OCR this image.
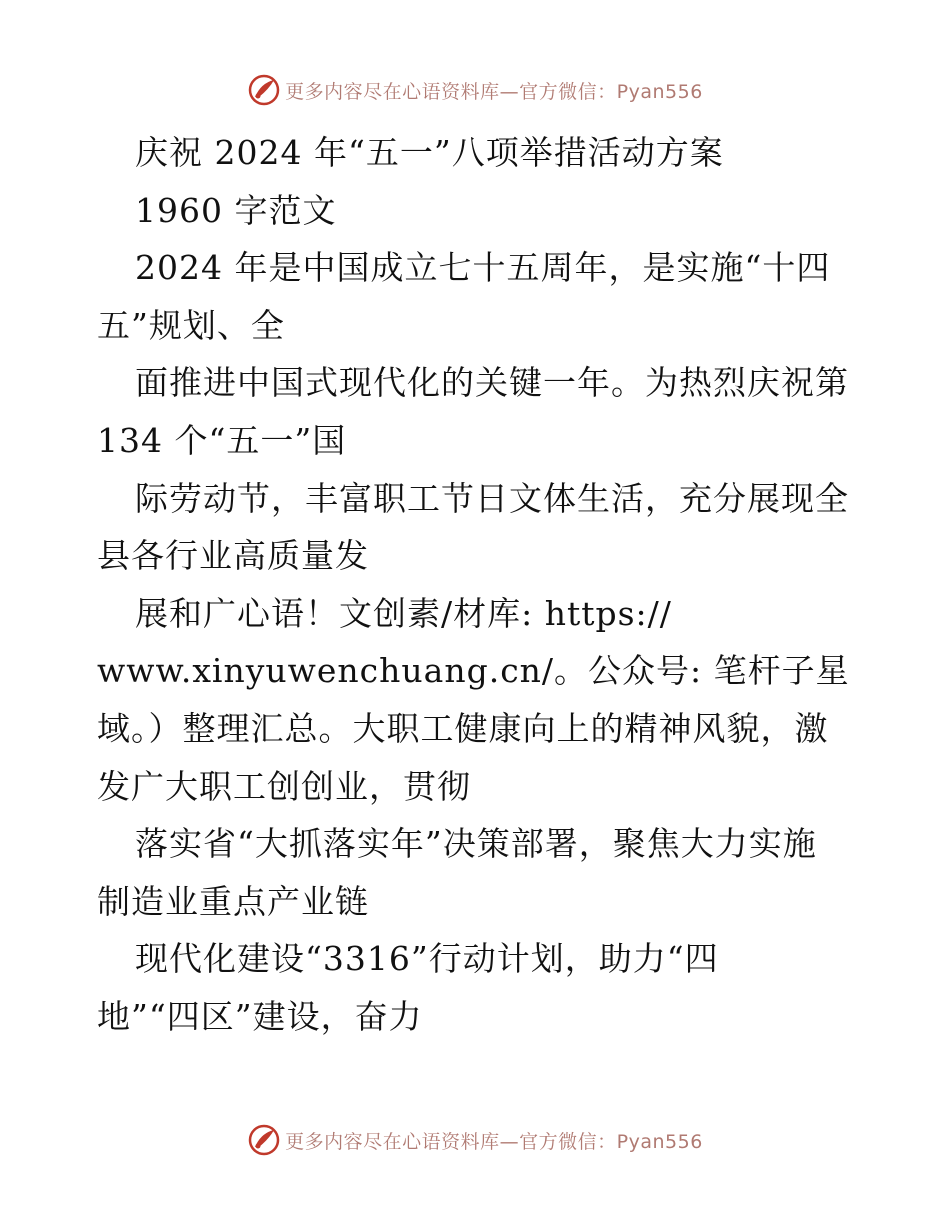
更多内容尽在心语资料库—官方微信：Pyan556
庆祝 2024 年“五一”八项举措活动方案
1960 字范文
2024 年是中国成立七十五周年，是实施“十四
五”规划、全
面推进中国式现代化的关键一年。为热烈庆祝第
134 个“五一”国
际劳动节，丰富职工节日文体生活，充分展现全
县各行业高质量发
展和广心语！文创素/材库: https://
www.xinyuwenchuang.cn/。公众号: 笔杆子星
域。）整理汇总。大职工健康向上的精神风貌，激
发广大职工创创业，贯彻
落实省“大抓落实年”决策部署，聚焦大力实施
制造业重点产业链
现代化建设“3316”行动计划，助力“四
地”“四区”建设，奋力
更多内容尽在心语资料库—官方微信：Pyan556
